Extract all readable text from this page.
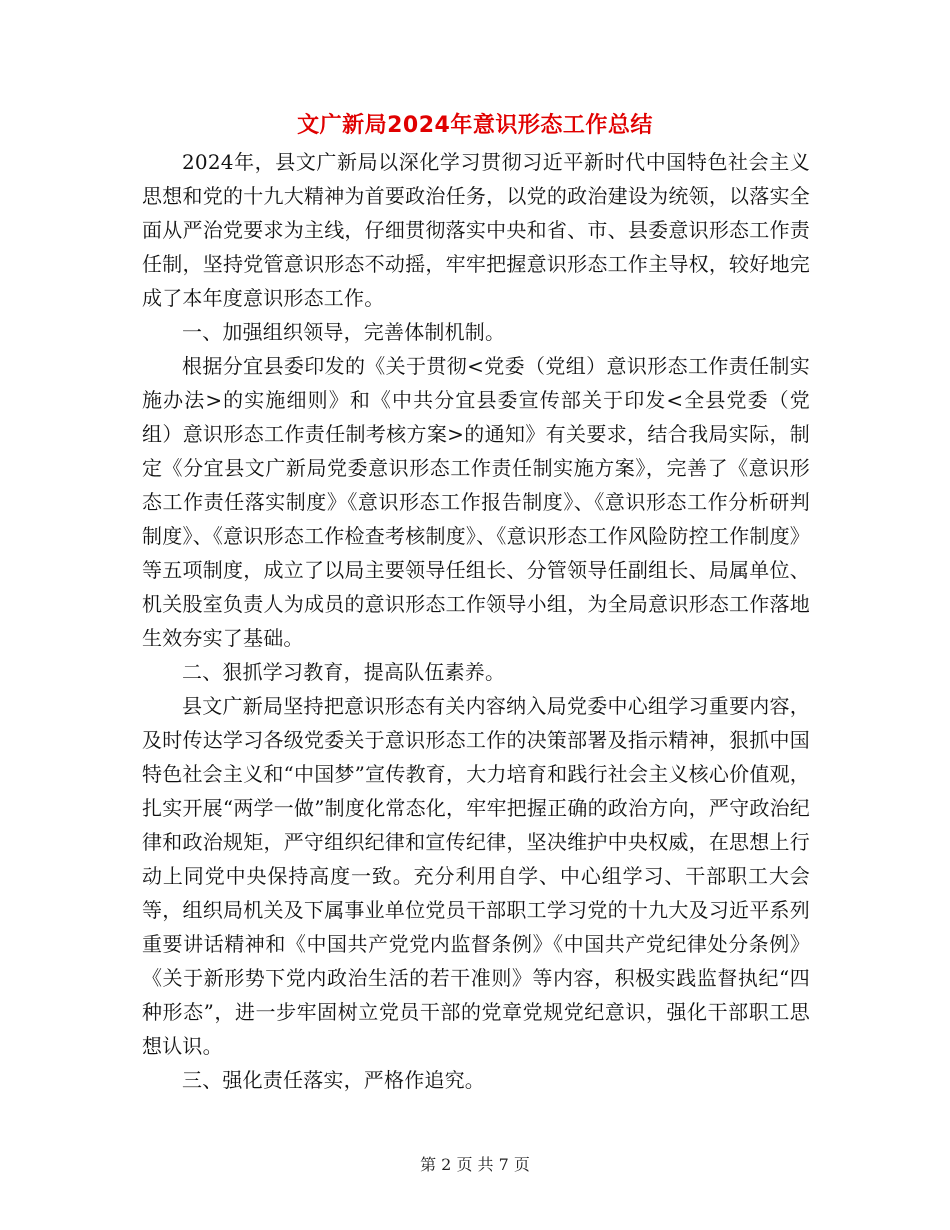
文广新局2024年意识形态工作总结

2024年，县文广新局以深化学习贯彻习近平新时代中国特色社会主义思想和党的十九大精神为首要政治任务，以党的政治建设为统领，以落实全面从严治党要求为主线，仔细贯彻落实中央和省、市、县委意识形态工作责任制，坚持党管意识形态不动摇，牢牢把握意识形态工作主导权，较好地完成了本年度意识形态工作。

一、加强组织领导，完善体制机制。

根据分宜县委印发的《关于贯彻<党委（党组）意识形态工作责任制实施办法>的实施细则》和《中共分宜县委宣传部关于印发<全县党委（党组）意识形态工作责任制考核方案>的通知》有关要求，结合我局实际，制定《分宜县文广新局党委意识形态工作责任制实施方案》，完善了《意识形态工作责任落实制度》《意识形态工作报告制度》、《意识形态工作分析研判制度》、《意识形态工作检查考核制度》、《意识形态工作风险防控工作制度》等五项制度，成立了以局主要领导任组长、分管领导任副组长、局属单位、机关股室负责人为成员的意识形态工作领导小组，为全局意识形态工作落地生效夯实了基础。

二、狠抓学习教育，提高队伍素养。

县文广新局坚持把意识形态有关内容纳入局党委中心组学习重要内容，及时传达学习各级党委关于意识形态工作的决策部署及指示精神，狠抓中国特色社会主义和“中国梦”宣传教育，大力培育和践行社会主义核心价值观，扎实开展“两学一做”制度化常态化，牢牢把握正确的政治方向，严守政治纪律和政治规矩，严守组织纪律和宣传纪律，坚决维护中央权威，在思想上行动上同党中央保持高度一致。充分利用自学、中心组学习、干部职工大会等，组织局机关及下属事业单位党员干部职工学习党的十九大及习近平系列重要讲话精神和《中国共产党党内监督条例》《中国共产党纪律处分条例》《关于新形势下党内政治生活的若干准则》等内容，积极实践监督执纪“四种形态”，进一步牢固树立党员干部的党章党规党纪意识，强化干部职工思想认识。

三、强化责任落实，严格作追究。

第 2 页 共 7 页
